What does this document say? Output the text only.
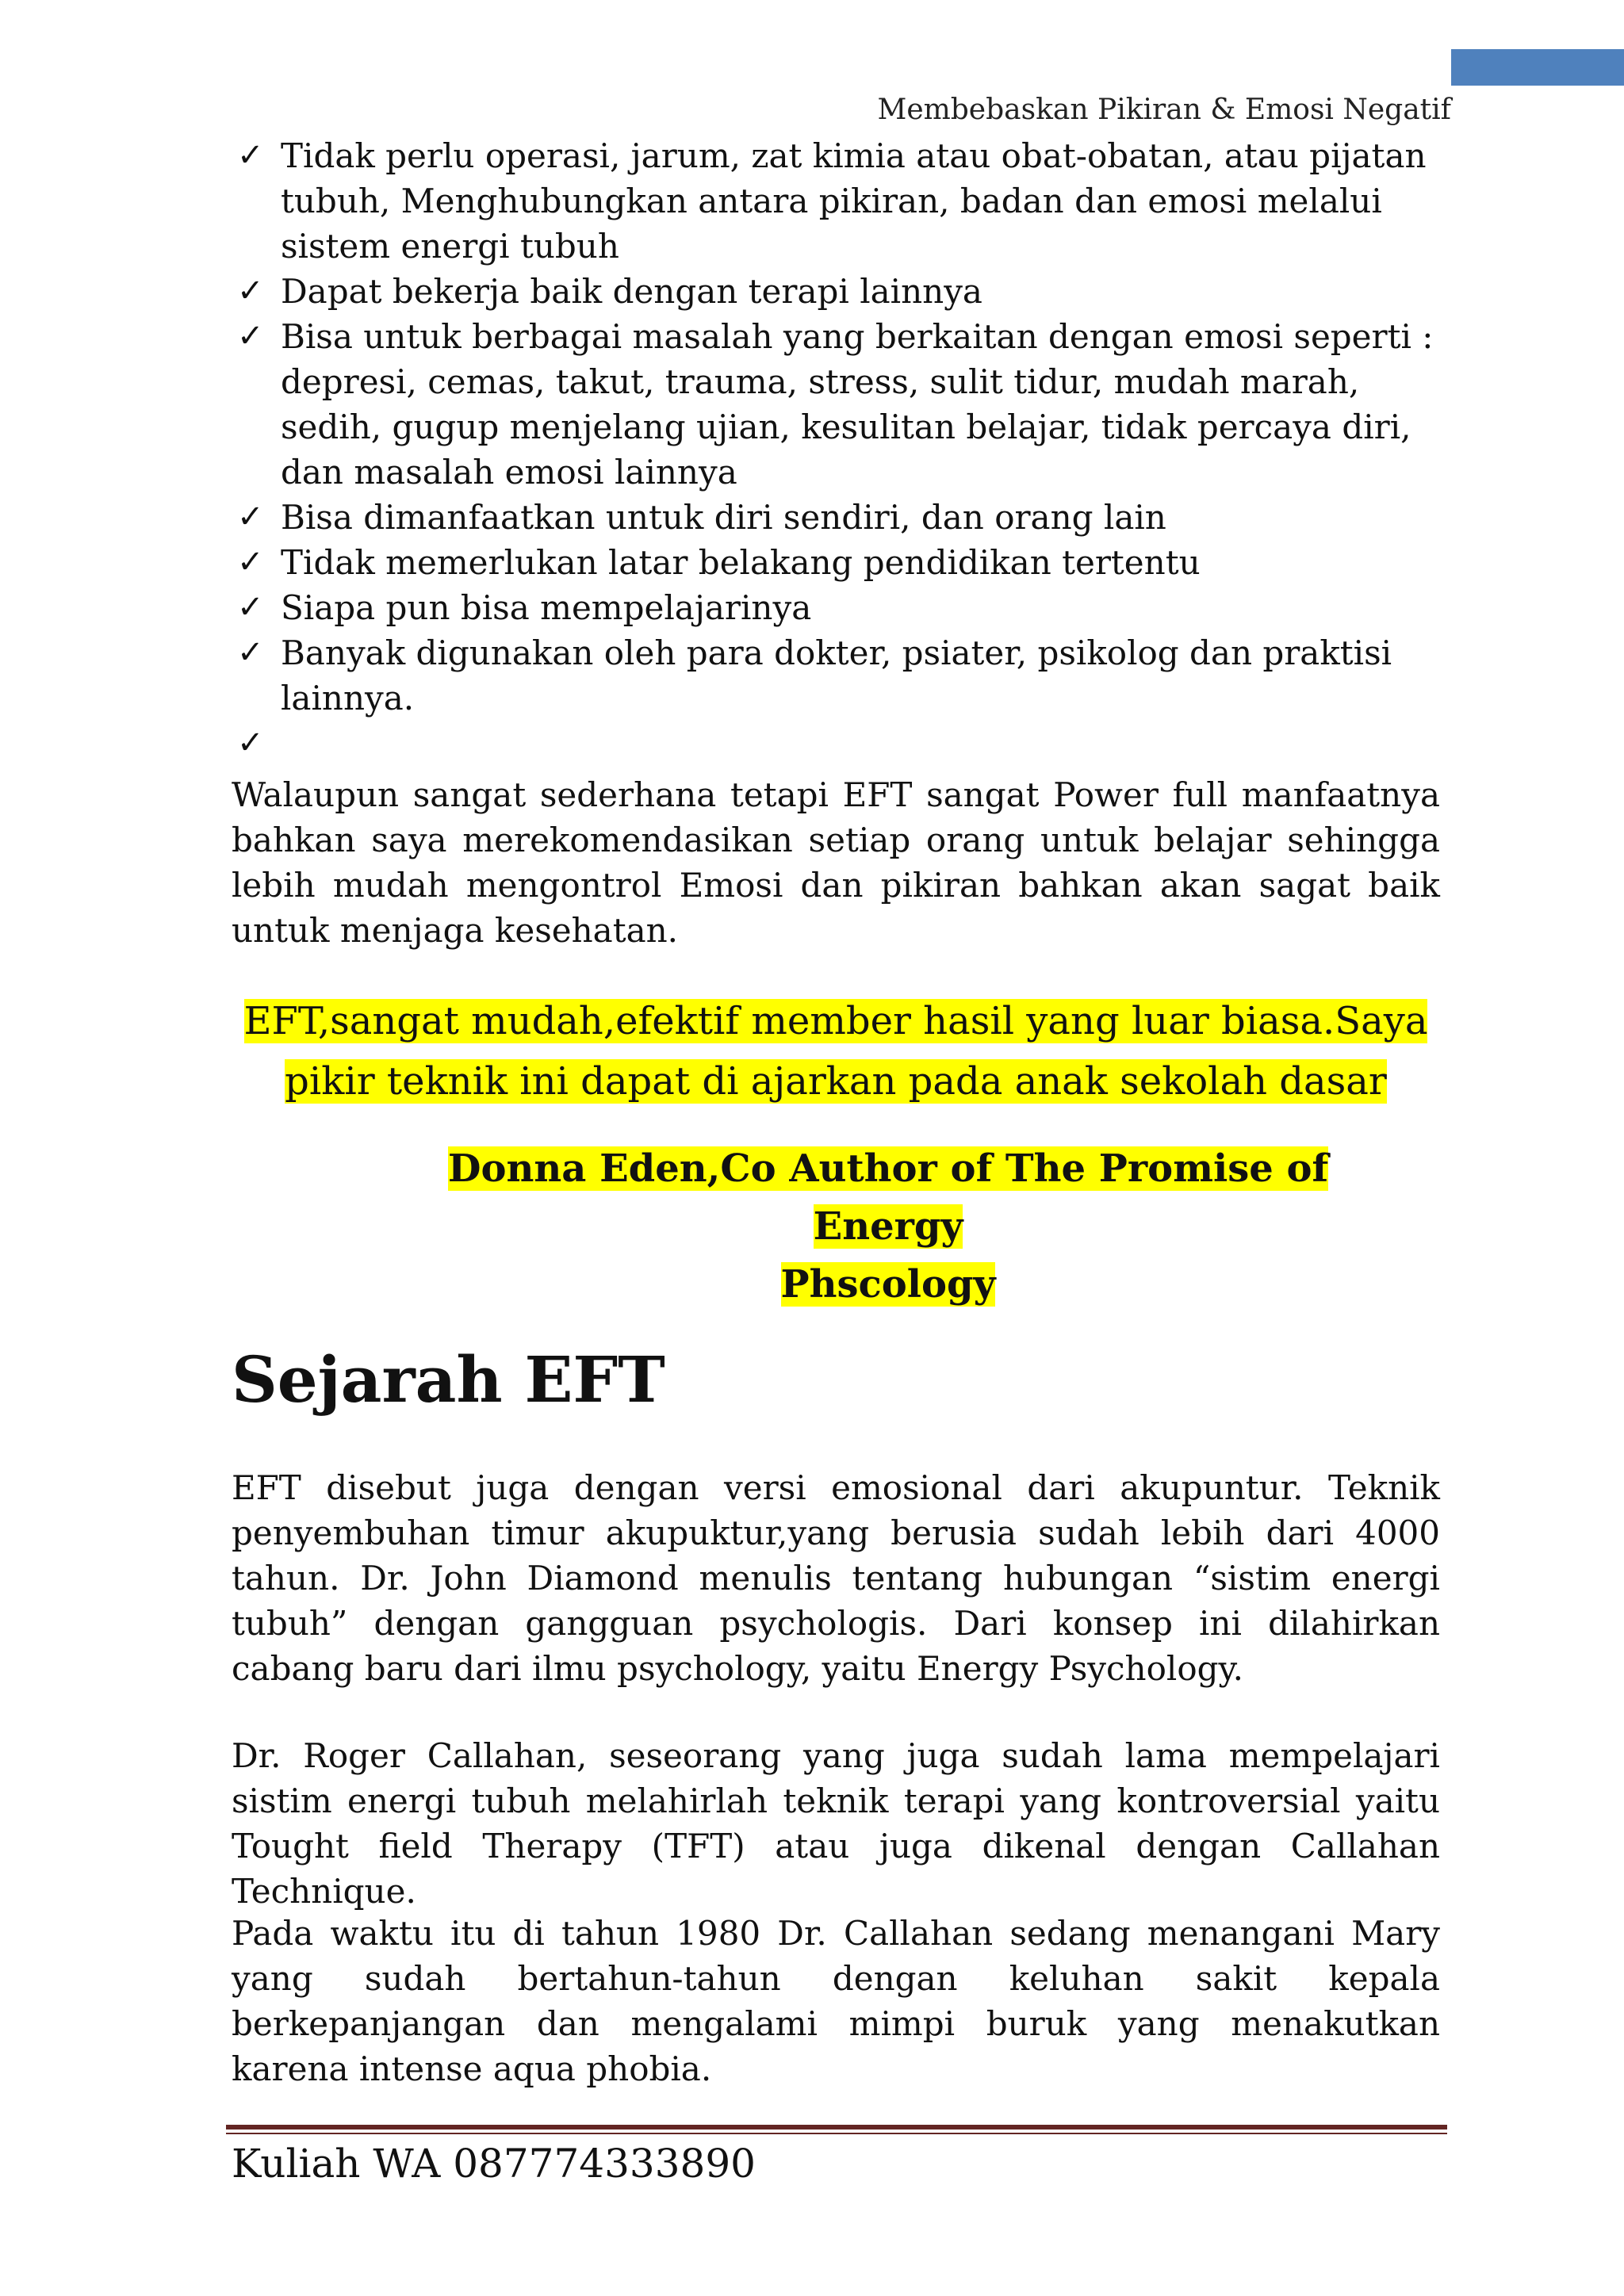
Membebaskan Pikiran & Emosi Negatif
✓ Tidak perlu operasi, jarum, zat kimia atau obat-obatan, atau pijatan tubuh, Menghubungkan antara pikiran, badan dan emosi melalui sistem energi tubuh
✓ Dapat bekerja baik dengan terapi lainnya
✓ Bisa untuk berbagai masalah yang berkaitan dengan emosi seperti : depresi, cemas, takut, trauma, stress, sulit tidur, mudah marah, sedih, gugup menjelang ujian, kesulitan belajar, tidak percaya diri, dan masalah emosi lainnya
✓ Bisa dimanfaatkan untuk diri sendiri, dan orang lain
✓ Tidak memerlukan latar belakang pendidikan tertentu
✓ Siapa pun bisa mempelajarinya
✓ Banyak digunakan oleh para dokter, psiater, psikolog dan praktisi lainnya.
✓

Walaupun sangat sederhana tetapi EFT sangat Power full manfaatnya bahkan saya merekomendasikan setiap orang untuk belajar sehingga lebih mudah mengontrol Emosi dan pikiran bahkan akan sagat baik untuk menjaga kesehatan.

EFT,sangat mudah,efektif member hasil yang luar biasa.Saya
pikir teknik ini dapat di ajarkan pada anak sekolah dasar

Donna Eden,Co Author of The Promise of Energy
Phscology

Sejarah EFT

EFT disebut juga dengan versi emosional dari akupuntur. Teknik penyembuhan timur akupuktur,yang berusia sudah lebih dari 4000 tahun. Dr. John Diamond menulis tentang hubungan “sistim energi tubuh” dengan gangguan psychologis. Dari konsep ini dilahirkan cabang baru dari ilmu psychology, yaitu Energy Psychology.

Dr. Roger Callahan, seseorang yang juga sudah lama mempelajari sistim energi tubuh melahirlah teknik terapi yang kontroversial yaitu Tought field Therapy (TFT) atau juga dikenal dengan Callahan Technique.

Pada waktu itu di tahun 1980 Dr. Callahan sedang menangani Mary yang sudah bertahun-tahun dengan keluhan sakit kepala berkepanjangan dan mengalami mimpi buruk yang menakutkan karena intense aqua phobia.

Kuliah WA 087774333890
